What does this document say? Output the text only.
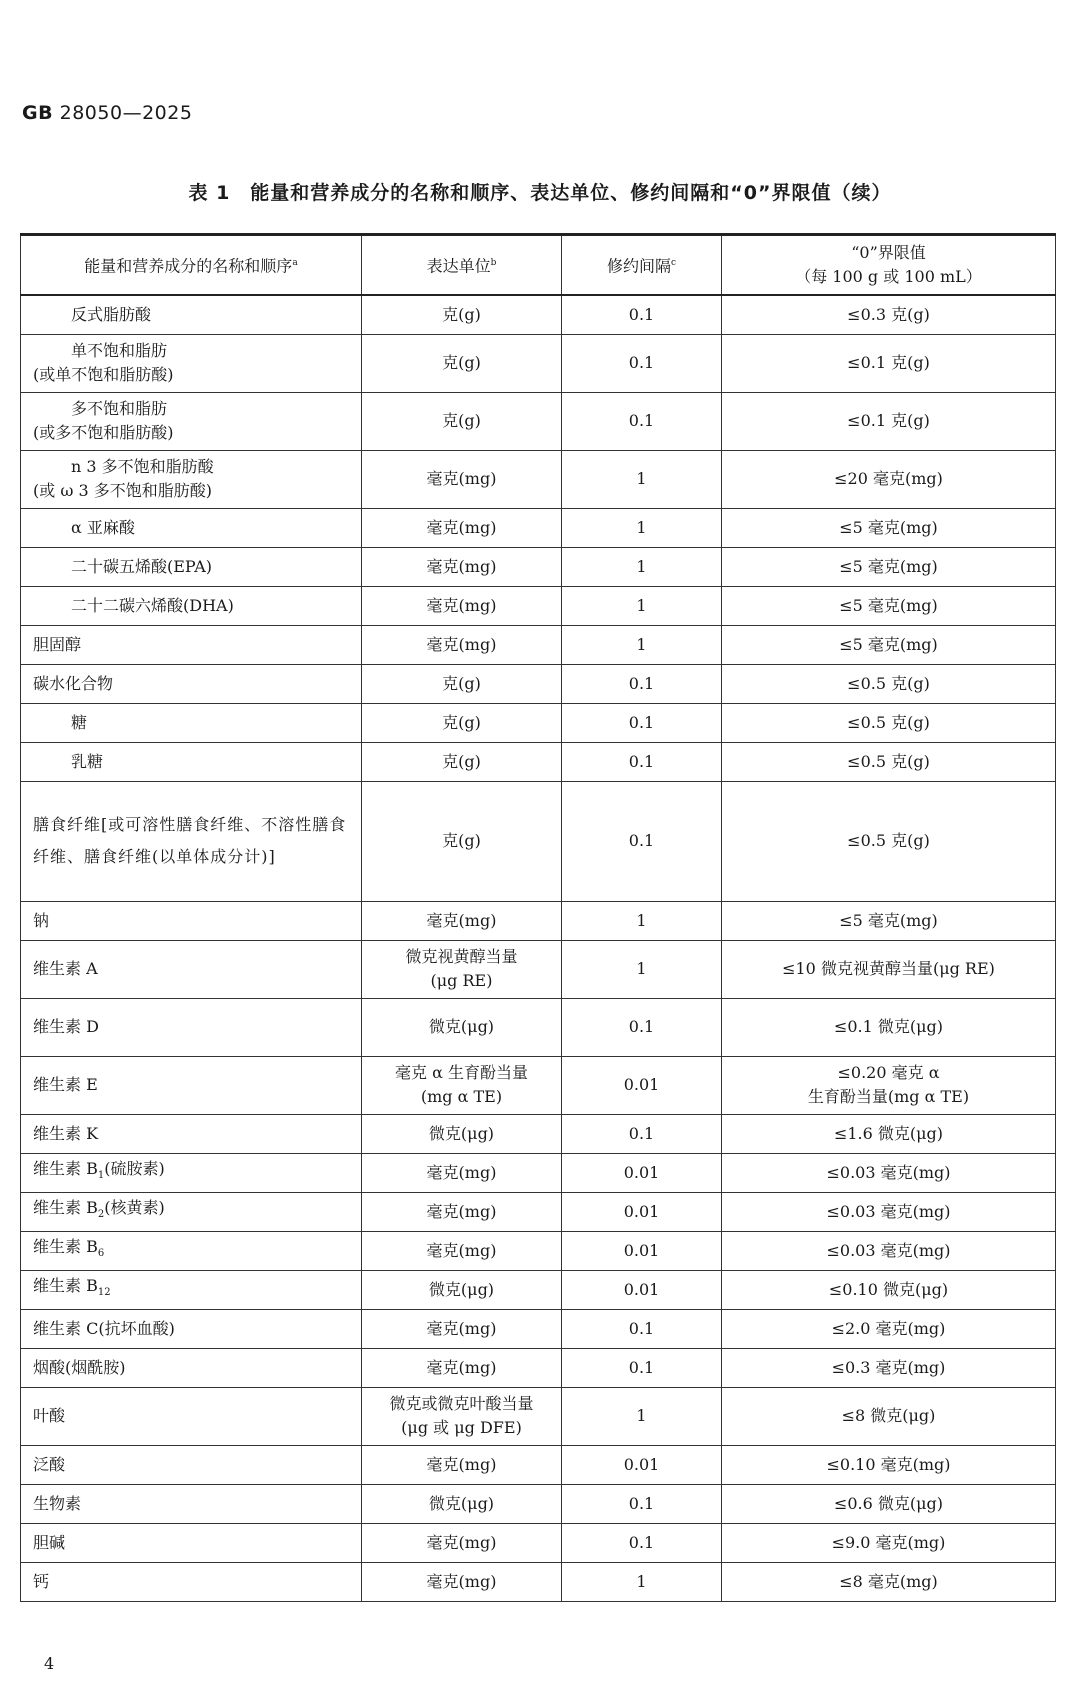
GB 28050—2025
表 1　能量和营养成分的名称和顺序、表达单位、修约间隔和“0”界限值（续）
能量和营养成分的名称和顺序$^a$	表达单位$^b$	修约间隔$^c$	“0”界限值
（每 100 g 或 100 mL）

反式脂肪酸	克(g)	0.1	≤0.3 克(g)

单不饱和脂肪
(或单不饱和脂肪酸)	克(g)	0.1	≤0.1 克(g)

多不饱和脂肪
(或多不饱和脂肪酸)	克(g)	0.1	≤0.1 克(g)

n 3 多不饱和脂肪酸
(或 ω 3 多不饱和脂肪酸)	毫克(mg)	1	≤20 毫克(mg)
α 亚麻酸	毫克(mg)	1	≤5 毫克(mg)
二十碳五烯酸(EPA)	毫克(mg)	1	≤5 毫克(mg)
二十二碳六烯酸(DHA)	毫克(mg)	1	≤5 毫克(mg)
胆固醇	毫克(mg)	1	≤5 毫克(mg)
碳水化合物	克(g)	0.1	≤0.5 克(g)
糖	克(g)	0.1	≤0.5 克(g)
乳糖	克(g)	0.1	≤0.5 克(g)
膳食纤维[或可溶性膳食纤维、不溶性膳食纤维、膳食纤维(以单体成分计)]	克(g)	0.1	≤0.5 克(g)
钠	毫克(mg)	1	≤5 毫克(mg)
维生素 A	微克视黄醇当量
(μg RE)	1	≤10 微克视黄醇当量(μg RE)
维生素 D	微克(μg)	0.1	≤0.1 微克(μg)
维生素 E	毫克 α 生育酚当量
(mg α TE)	0.01	≤0.20 毫克 α
生育酚当量(mg α TE)

维生素 K	微克(μg)	0.1	≤1.6 微克(μg)
维生素 $B_1$(硫胺素)	毫克(mg)	0.01	≤0.03 毫克(mg)
维生素 $B_2$(核黄素)	毫克(mg)	0.01	≤0.03 毫克(mg)
维生素 $B_6$	毫克(mg)	0.01	≤0.03 毫克(mg)
维生素 $B_{12}$	微克(μg)	0.01	≤0.10 微克(μg)
维生素 C(抗坏血酸)	毫克(mg)	0.1	≤2.0 毫克(mg)
烟酸(烟酰胺)	毫克(mg)	0.1	≤0.3 毫克(mg)
叶酸	微克或微克叶酸当量
(μg 或 μg DFE)	1	≤8 微克(μg)
泛酸	毫克(mg)	0.01	≤0.10 毫克(mg)
生物素	微克(μg)	0.1	≤0.6 微克(μg)
胆碱	毫克(mg)	0.1	≤9.0 毫克(mg)
钙	毫克(mg)	1	≤8 毫克(mg)
4
